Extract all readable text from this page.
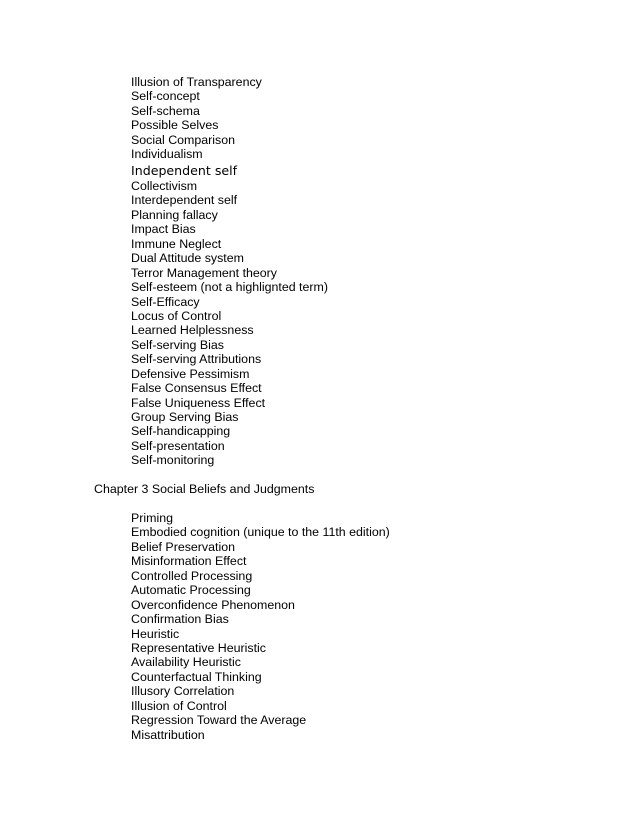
Illusion of Transparency
Self-concept
Self-schema
Possible Selves
Social Comparison
Individualism
Independent self
Collectivism
Interdependent self
Planning fallacy
Impact Bias
Immune Neglect
Dual Attitude system
Terror Management theory
Self-esteem (not a highlignted term)
Self-Efficacy
Locus of Control
Learned Helplessness
Self-serving Bias
Self-serving Attributions
Defensive Pessimism
False Consensus Effect
False Uniqueness Effect
Group Serving Bias
Self-handicapping
Self-presentation
Self-monitoring
Chapter 3 Social Beliefs and Judgments
Priming
Embodied cognition (unique to the 11th edition)
Belief Preservation
Misinformation Effect
Controlled Processing
Automatic Processing
Overconfidence Phenomenon
Confirmation Bias
Heuristic
Representative Heuristic
Availability Heuristic
Counterfactual Thinking
Illusory Correlation
Illusion of Control
Regression Toward the Average
Misattribution
